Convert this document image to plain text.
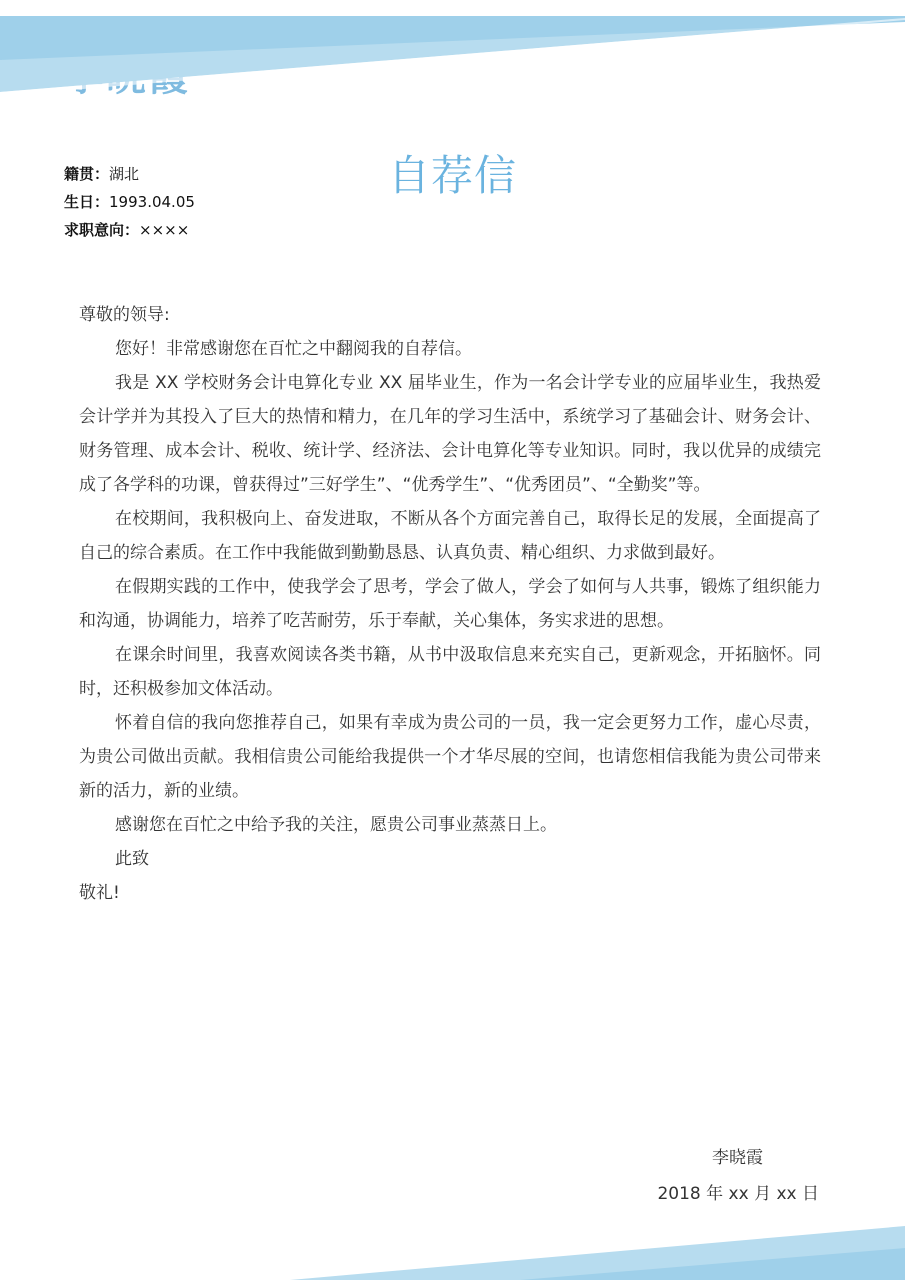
籍贯：湖北
生日：1993.04.05
求职意向：××××
自荐信

尊敬的领导:

您好！非常感谢您在百忙之中翻阅我的自荐信。

我是 XX 学校财务会计电算化专业 XX 届毕业生，作为一名会计学专业的应届毕业生，我热爱会计学并为其投入了巨大的热情和精力，在几年的学习生活中，系统学习了基础会计、财务会计、财务管理、成本会计、税收、统计学、经济法、会计电算化等专业知识。同时，我以优异的成绩完成了各学科的功课，曾获得过”三好学生”、“优秀学生”、“优秀团员”、“全勤奖”等。

在校期间，我积极向上、奋发进取，不断从各个方面完善自己，取得长足的发展，全面提高了自己的综合素质。在工作中我能做到勤勤恳恳、认真负责、精心组织、力求做到最好。

在假期实践的工作中，使我学会了思考，学会了做人，学会了如何与人共事，锻炼了组织能力和沟通，协调能力，培养了吃苦耐劳，乐于奉献，关心集体，务实求进的思想。

在课余时间里，我喜欢阅读各类书籍，从书中汲取信息来充实自己，更新观念，开拓脑怀。同时，还积极参加文体活动。

怀着自信的我向您推荐自己，如果有幸成为贵公司的一员，我一定会更努力工作，虚心尽责，为贵公司做出贡献。我相信贵公司能给我提供一个才华尽展的空间，也请您相信我能为贵公司带来新的活力，新的业绩。

感谢您在百忙之中给予我的关注，愿贵公司事业蒸蒸日上。

此致

敬礼!

李晓霞
2018 年 xx 月 xx 日
